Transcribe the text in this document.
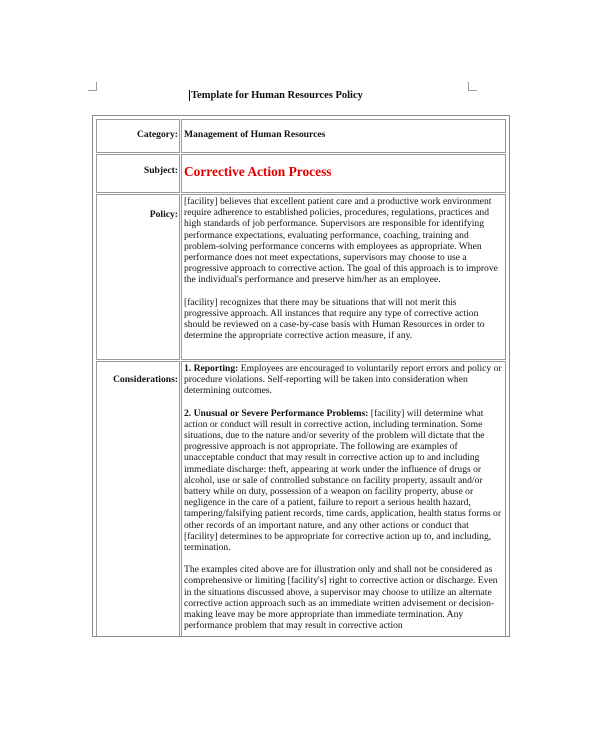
Template for Human Resources Policy
Category:	Management of Human Resources
Subject:	Corrective Action Process

Policy:	[facility] believes that excellent patient care and a productive work environment require adherence to established policies, procedures, regulations, practices and high standards of job performance. Supervisors are responsible for identifying performance expectations, evaluating performance, coaching, training and problem-solving performance concerns with employees as appropriate. When performance does not meet expectations, supervisors may choose to use a progressive approach to corrective action. The goal of this approach is to improve the individual's performance and preserve him/her as an employee.

[facility] recognizes that there may be situations that will not merit this progressive approach. All instances that require any type of corrective action should be reviewed on a case-by-case basis with Human Resources in order to determine the appropriate corrective action measure, if any.

Considerations:	1. Reporting: Employees are encouraged to voluntarily report errors and policy or procedure violations. Self-reporting will be taken into consideration when determining outcomes.

2. Unusual or Severe Performance Problems: [facility] will determine what action or conduct will result in corrective action, including termination. Some situations, due to the nature and/or severity of the problem will dictate that the progressive approach is not appropriate. The following are examples of unacceptable conduct that may result in corrective action up to and including immediate discharge: theft, appearing at work under the influence of drugs or alcohol, use or sale of controlled substance on facility property, assault and/or battery while on duty, possession of a weapon on facility property, abuse or negligence in the care of a patient, failure to report a serious health hazard, tampering/falsifying patient records, time cards, application, health status forms or other records of an important nature, and any other actions or conduct that [facility] determines to be appropriate for corrective action up to, and including, termination.

The examples cited above are for illustration only and shall not be considered as comprehensive or limiting [facility's] right to corrective action or discharge. Even in the situations discussed above, a supervisor may choose to utilize an alternate corrective action approach such as an immediate written advisement or decision-making leave may be more appropriate than immediate termination. Any performance problem that may result in corrective action
